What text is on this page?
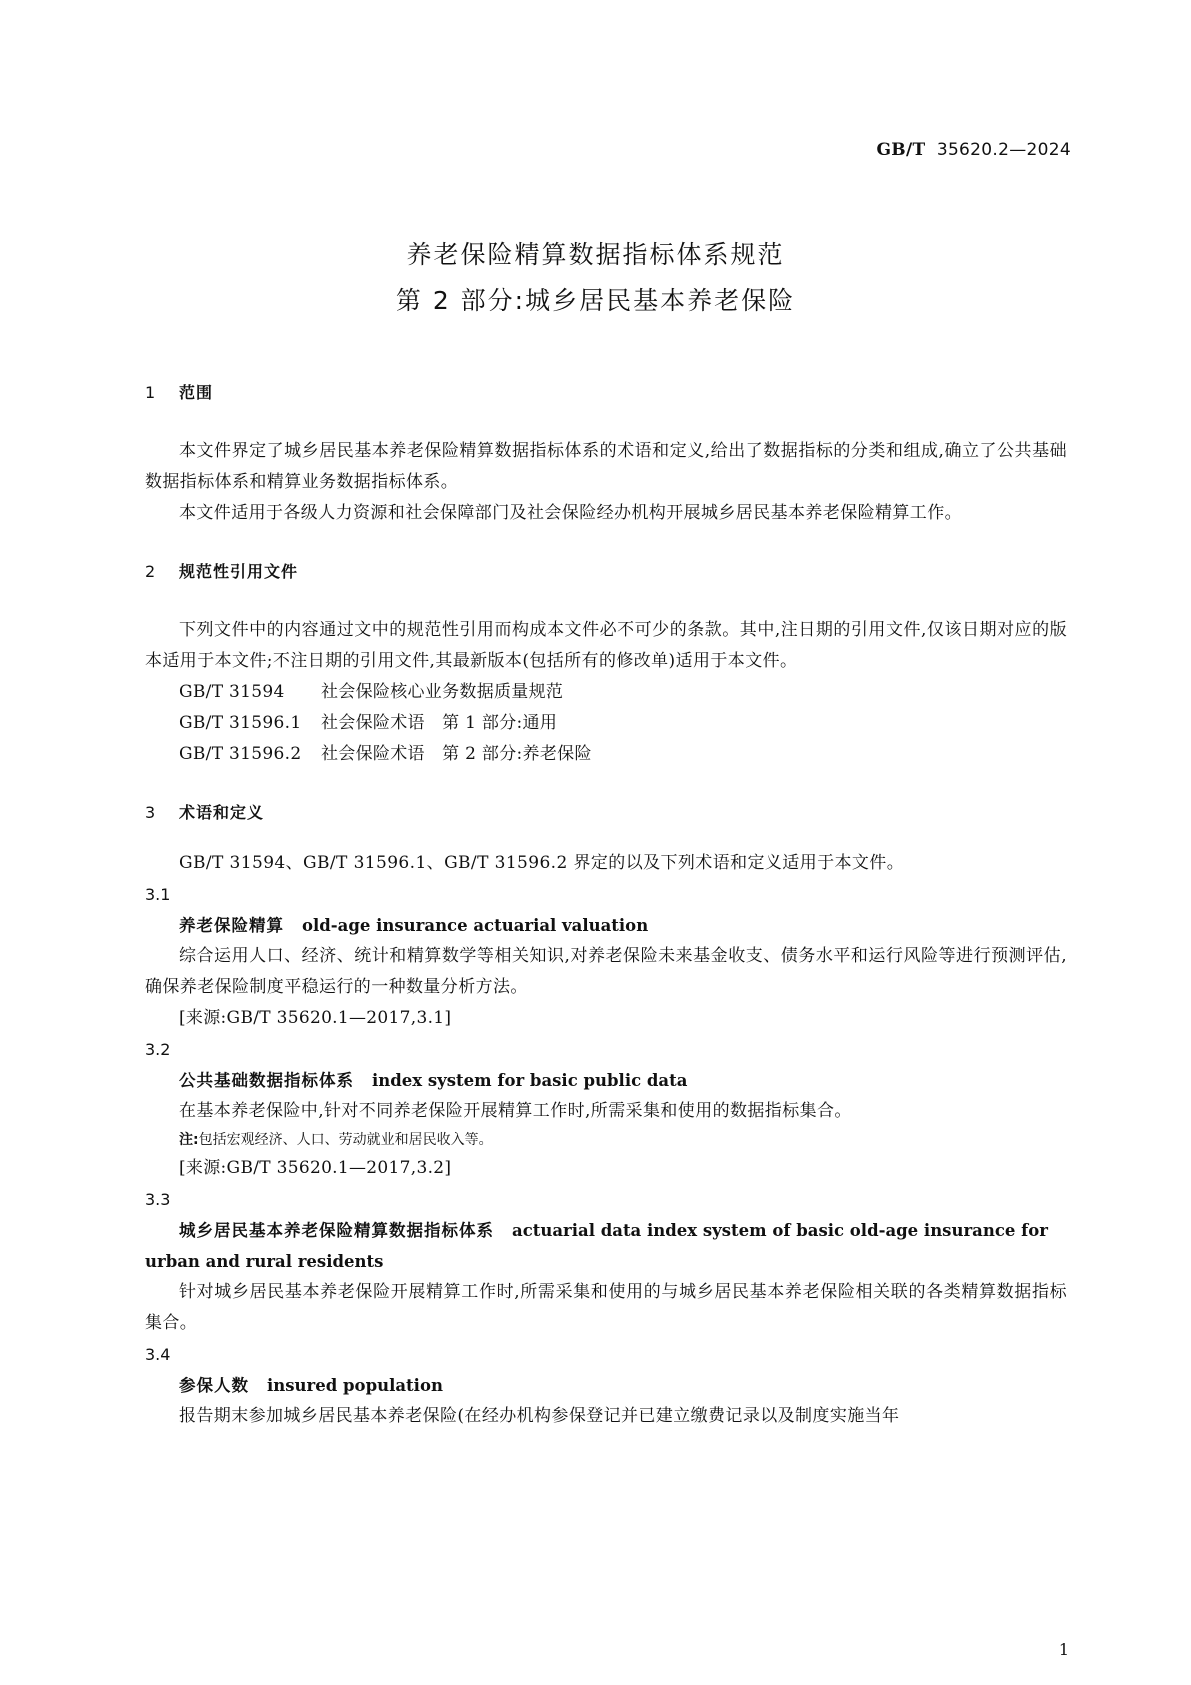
GB/T 35620.2—2024
养老保险精算数据指标体系规范
第 2 部分:城乡居民基本养老保险
1 范围

本文件界定了城乡居民基本养老保险精算数据指标体系的术语和定义,给出了数据指标的分类和组成,确立了公共基础数据指标体系和精算业务数据指标体系。

本文件适用于各级人力资源和社会保障部门及社会保险经办机构开展城乡居民基本养老保险精算工作。

2 规范性引用文件

下列文件中的内容通过文中的规范性引用而构成本文件必不可少的条款。其中,注日期的引用文件,仅该日期对应的版本适用于本文件;不注日期的引用文件,其最新版本(包括所有的修改单)适用于本文件。

GB/T 31594 社会保险核心业务数据质量规范
GB/T 31596.1 社会保险术语　第 1 部分:通用
GB/T 31596.2 社会保险术语　第 2 部分:养老保险
3 术语和定义

GB/T 31594、GB/T 31596.1、GB/T 31596.2 界定的以及下列术语和定义适用于本文件。

3.1
养老保险精算 old-age insurance actuarial valuation

综合运用人口、经济、统计和精算数学等相关知识,对养老保险未来基金收支、债务水平和运行风险等进行预测评估,确保养老保险制度平稳运行的一种数量分析方法。

[来源:GB/T 35620.1—2017,3.1]
3.2
公共基础数据指标体系 index system for basic public data

在基本养老保险中,针对不同养老保险开展精算工作时,所需采集和使用的数据指标集合。

注:包括宏观经济、人口、劳动就业和居民收入等。
[来源:GB/T 35620.1—2017,3.2]
3.3
城乡居民基本养老保险精算数据指标体系 actuarial data index system of basic old-age insurance for urban and rural residents

针对城乡居民基本养老保险开展精算工作时,所需采集和使用的与城乡居民基本养老保险相关联的各类精算数据指标集合。

3.4
参保人数 insured population

报告期末参加城乡居民基本养老保险(在经办机构参保登记并已建立缴费记录以及制度实施当年

1
